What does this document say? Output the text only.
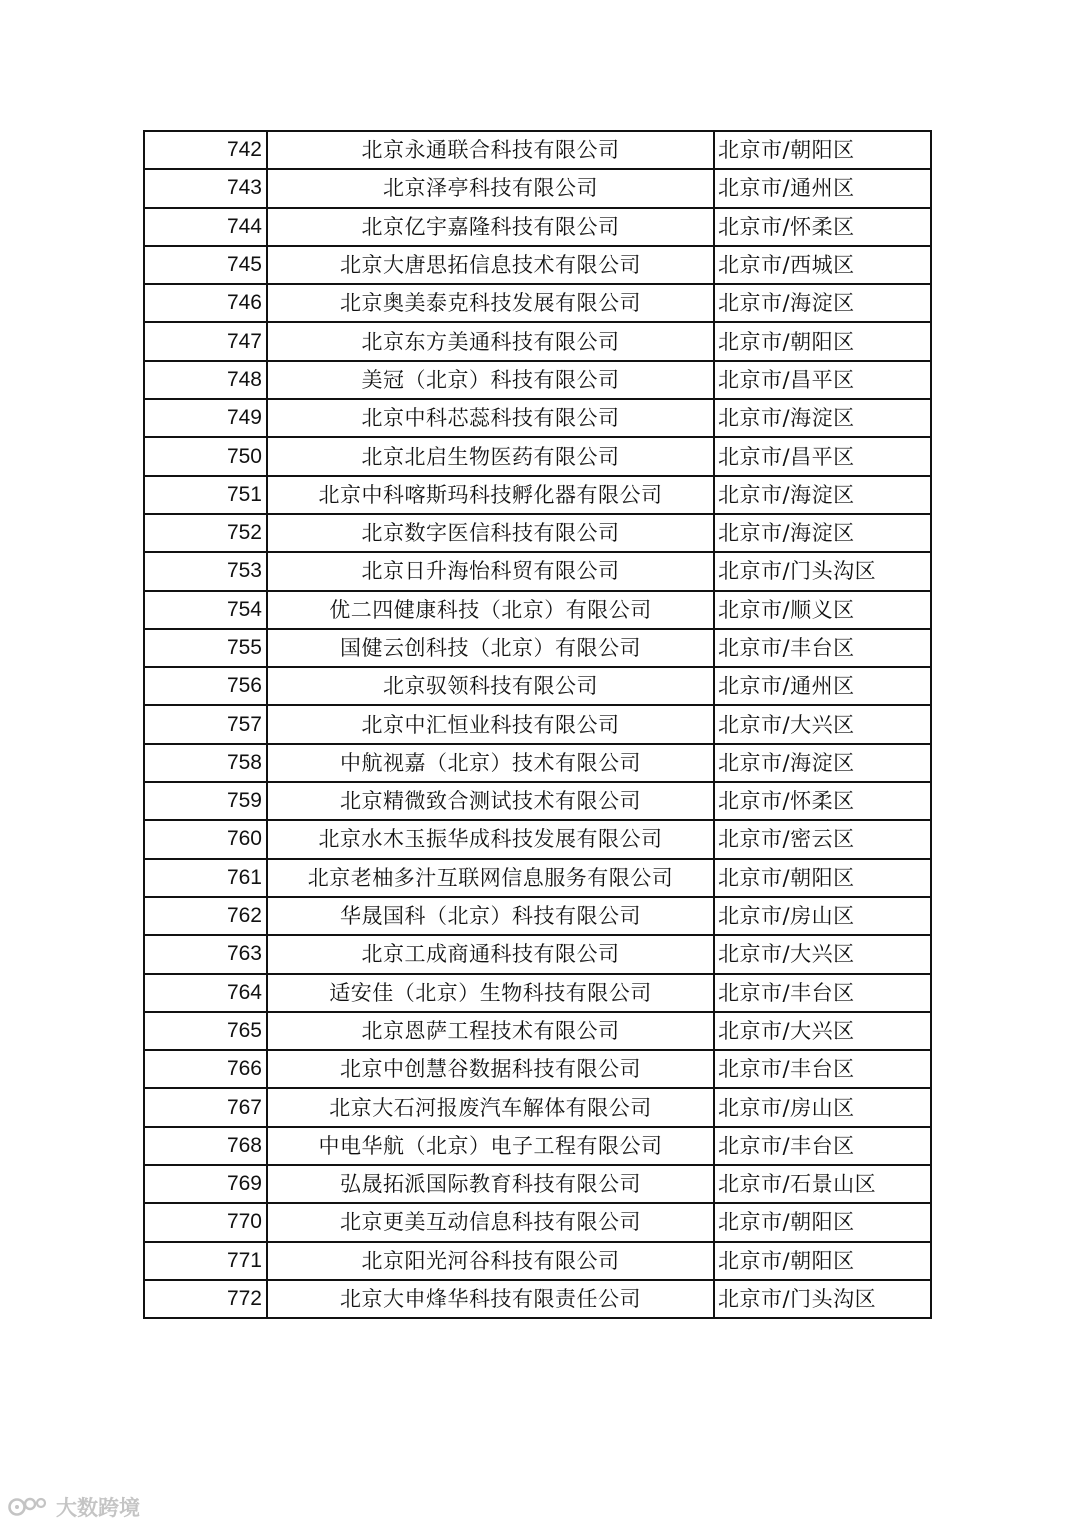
742	北京永通联合科技有限公司	北京市/朝阳区
743	北京泽亭科技有限公司	北京市/通州区
744	北京亿宇嘉隆科技有限公司	北京市/怀柔区
745	北京大唐思拓信息技术有限公司	北京市/西城区
746	北京奥美泰克科技发展有限公司	北京市/海淀区
747	北京东方美通科技有限公司	北京市/朝阳区
748	美冠（北京）科技有限公司	北京市/昌平区
749	北京中科芯蕊科技有限公司	北京市/海淀区
750	北京北启生物医药有限公司	北京市/昌平区
751	北京中科喀斯玛科技孵化器有限公司	北京市/海淀区
752	北京数字医信科技有限公司	北京市/海淀区
753	北京日升海怡科贸有限公司	北京市/门头沟区
754	优二四健康科技（北京）有限公司	北京市/顺义区
755	国健云创科技（北京）有限公司	北京市/丰台区
756	北京驭领科技有限公司	北京市/通州区
757	北京中汇恒业科技有限公司	北京市/大兴区
758	中航视嘉（北京）技术有限公司	北京市/海淀区
759	北京精微致合测试技术有限公司	北京市/怀柔区
760	北京水木玉振华成科技发展有限公司	北京市/密云区
761	北京老柚多汁互联网信息服务有限公司	北京市/朝阳区
762	华晟国科（北京）科技有限公司	北京市/房山区
763	北京工成商通科技有限公司	北京市/大兴区
764	适安佳（北京）生物科技有限公司	北京市/丰台区
765	北京恩萨工程技术有限公司	北京市/大兴区
766	北京中创慧谷数据科技有限公司	北京市/丰台区
767	北京大石河报废汽车解体有限公司	北京市/房山区
768	中电华航（北京）电子工程有限公司	北京市/丰台区
769	弘晟拓派国际教育科技有限公司	北京市/石景山区
770	北京更美互动信息科技有限公司	北京市/朝阳区
771	北京阳光河谷科技有限公司	北京市/朝阳区
772	北京大申烽华科技有限责任公司	北京市/门头沟区
大数跨境
